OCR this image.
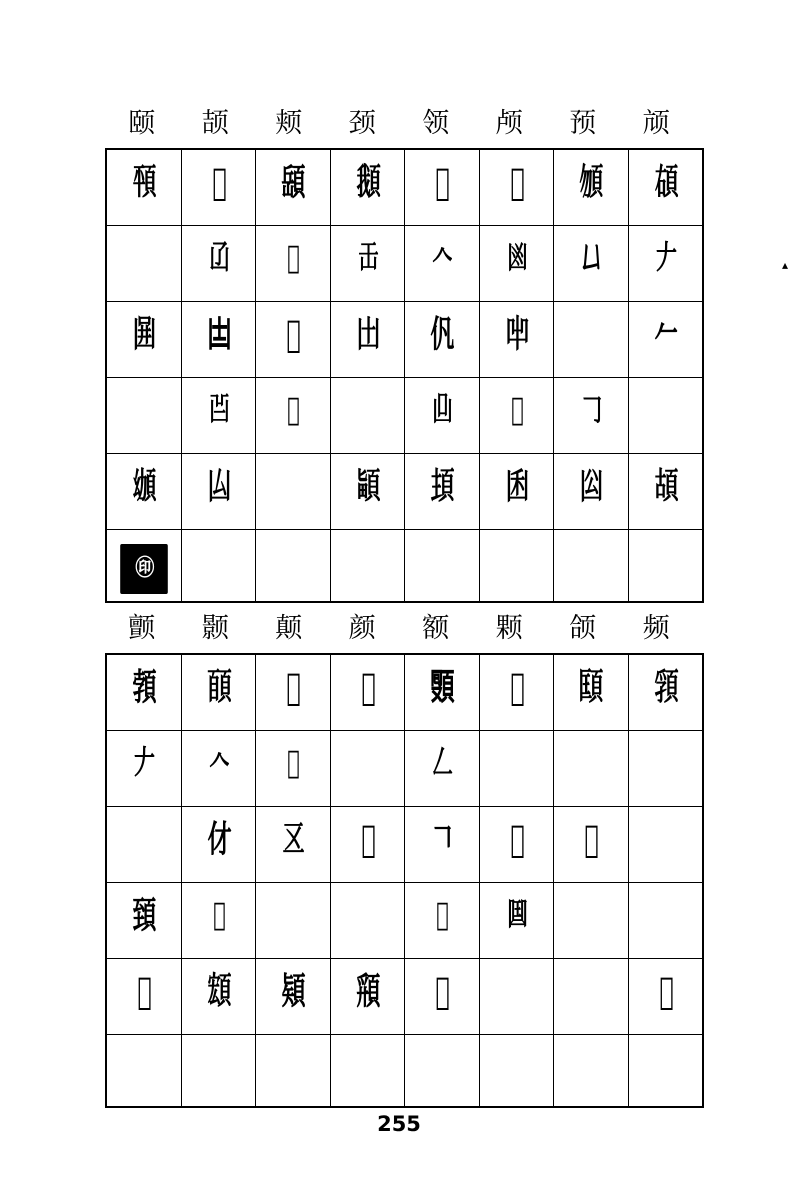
颐	颉	颊	颈	领	颅	预	颃
𩑳	𩒅	𩓥	𩒰	𩒎	𩓊	𩑮	𩑲
	𠙶	𠦼	𠙻	𠆢	𠚍	𠙴	𠂇
𠚎	𠙽	𠦻	𠙷	𠆩	𠚆		𠂉
	𠙿	𠦺		𠙼	𠚇	𠃌	
𩑴	𠙸		𩒵	𩒊	𠚉	𠚅	𩑶
㊞							
颤	颢	颠	颜	额	颗	颌	频
𩓐	𩓑	𩓒	𩓓	𩓔	𩓕	𩒑	𩓖
𠂇	𠆢	𠄠		𠃋			
	𠆫	𠄡	𠆬	𠃍	𠚔	𠚕	
𩒐	𠆭			𠃎	𠚖		
𩓗	𩓘	𩓙	𩓚	𩓛			𩓜

▴
255
